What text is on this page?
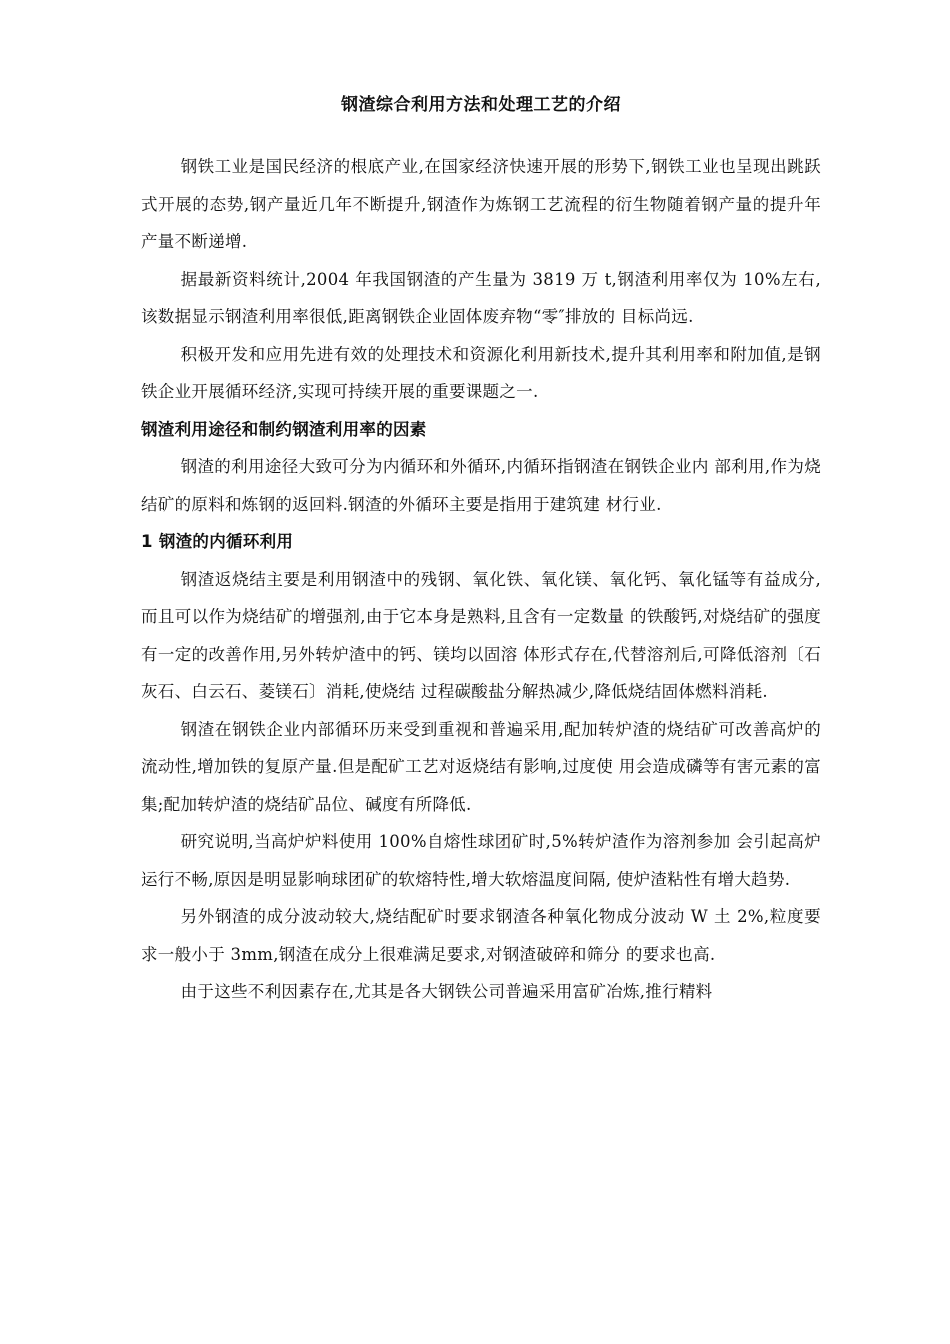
钢渣综合利用方法和处理工艺的介绍

钢铁工业是国民经济的根底产业,在国家经济快速开展的形势下,钢铁工业也呈现出跳跃式开展的态势,钢产量近几年不断提升,钢渣作为炼钢工艺流程的衍生物随着钢产量的提升年产量不断递增.

据最新资料统计,2004 年我国钢渣的产生量为 3819 万 t,钢渣利用率仅为 10%左右,该数据显示钢渣利用率很低,距离钢铁企业固体废弃物“零″排放的 目标尚远.

积极开发和应用先进有效的处理技术和资源化利用新技术,提升其利用率和附加值,是钢铁企业开展循环经济,实现可持续开展的重要课题之一.

钢渣利用途径和制约钢渣利用率的因素

钢渣的利用途径大致可分为内循环和外循环,内循环指钢渣在钢铁企业内 部利用,作为烧结矿的原料和炼钢的返回料.钢渣的外循环主要是指用于建筑建 材行业.

1 钢渣的内循环利用

钢渣返烧结主要是利用钢渣中的残钢、氧化铁、氧化镁、氧化钙、氧化锰等有益成分,而且可以作为烧结矿的增强剂,由于它本身是熟料,且含有一定数量 的铁酸钙,对烧结矿的强度有一定的改善作用,另外转炉渣中的钙、镁均以固溶 体形式存在,代替溶剂后,可降低溶剂〔石灰石、白云石、菱镁石〕消耗,使烧结 过程碳酸盐分解热减少,降低烧结固体燃料消耗.

钢渣在钢铁企业内部循环历来受到重视和普遍采用,配加转炉渣的烧结矿可改善高炉的流动性,增加铁的复原产量.但是配矿工艺对返烧结有影响,过度使 用会造成磷等有害元素的富集;配加转炉渣的烧结矿品位、碱度有所降低.

研究说明,当高炉炉料使用 100%自熔性球团矿时,5%转炉渣作为溶剂参加 会引起高炉运行不畅,原因是明显影响球团矿的软熔特性,增大软熔温度间隔, 使炉渣粘性有增大趋势.

另外钢渣的成分波动较大,烧结配矿时要求钢渣各种氧化物成分波动 W 土 2%,粒度要求一般小于 3mm,钢渣在成分上很难满足要求,对钢渣破碎和筛分 的要求也高.

由于这些不利因素存在,尤其是各大钢铁公司普遍采用富矿冶炼,推行精料
